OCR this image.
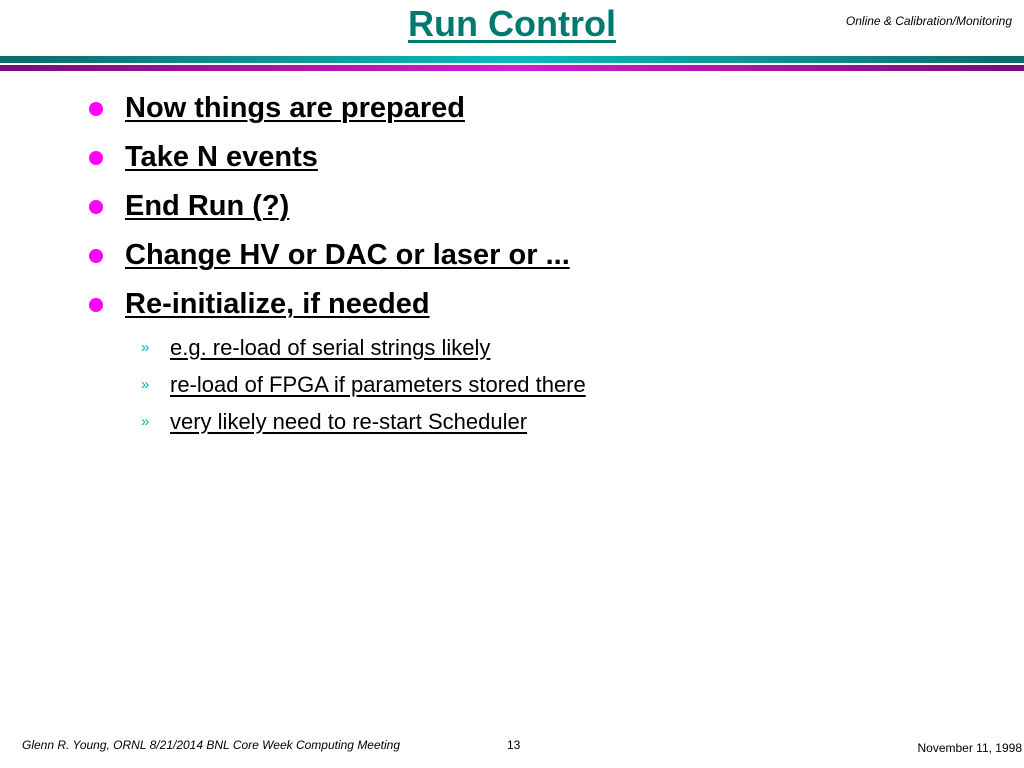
Run Control	Online & Calibration/Monitoring
Now things are prepared
Take N events
End Run (?)
Change HV or DAC or laser or ...
Re-initialize, if needed
» e.g. re-load of serial strings likely
» re-load of FPGA if parameters stored there
» very likely need to re-start Scheduler
Glenn R. Young, ORNL 8/21/2014 BNL Core Week Computing Meeting	13	November 11, 1998
